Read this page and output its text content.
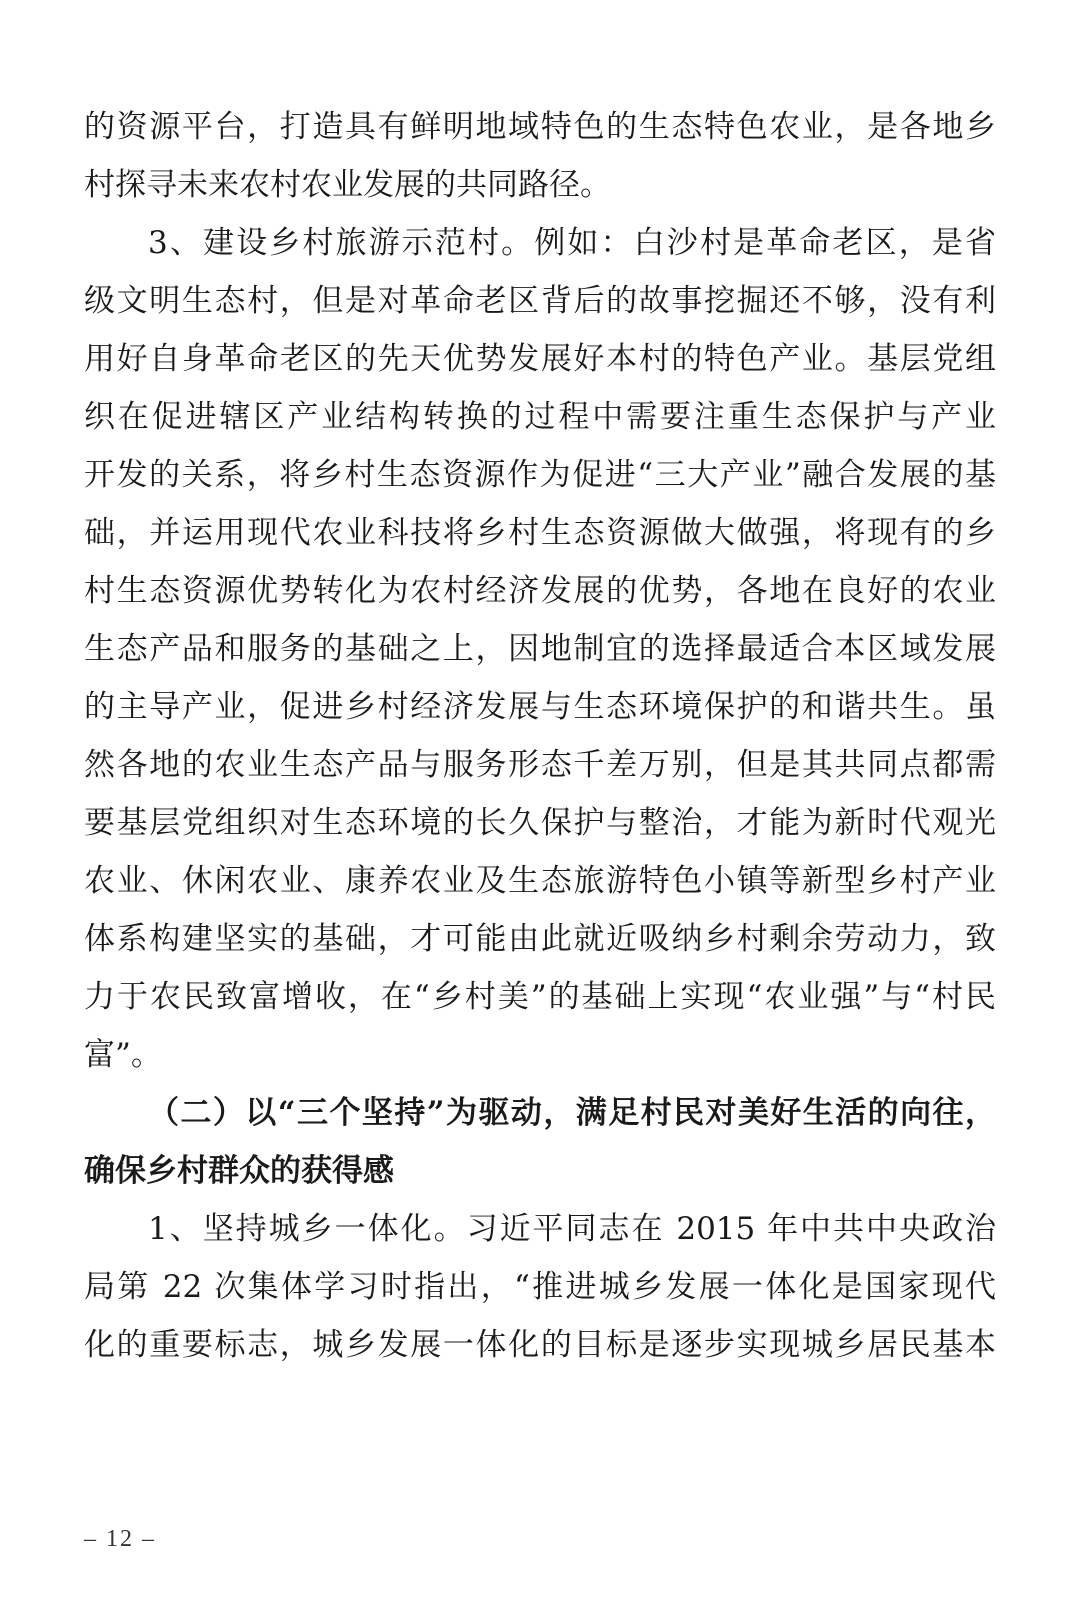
的资源平台，打造具有鲜明地域特色的生态特色农业，是各地乡
村探寻未来农村农业发展的共同路径。
3、建设乡村旅游示范村。例如：白沙村是革命老区，是省
级文明生态村，但是对革命老区背后的故事挖掘还不够，没有利
用好自身革命老区的先天优势发展好本村的特色产业。基层党组
织在促进辖区产业结构转换的过程中需要注重生态保护与产业
开发的关系，将乡村生态资源作为促进“三大产业”融合发展的基
础，并运用现代农业科技将乡村生态资源做大做强，将现有的乡
村生态资源优势转化为农村经济发展的优势，各地在良好的农业
生态产品和服务的基础之上，因地制宜的选择最适合本区域发展
的主导产业，促进乡村经济发展与生态环境保护的和谐共生。虽
然各地的农业生态产品与服务形态千差万别，但是其共同点都需
要基层党组织对生态环境的长久保护与整治，才能为新时代观光
农业、休闲农业、康养农业及生态旅游特色小镇等新型乡村产业
体系构建坚实的基础，才可能由此就近吸纳乡村剩余劳动力，致
力于农民致富增收，在“乡村美”的基础上实现“农业强”与“村民
富”。
（二）以“三个坚持”为驱动，满足村民对美好生活的向往，
确保乡村群众的获得感
1、坚持城乡一体化。习近平同志在 2015 年中共中央政治
局第 22 次集体学习时指出，“推进城乡发展一体化是国家现代
化的重要标志，城乡发展一体化的目标是逐步实现城乡居民基本
– 12 –
